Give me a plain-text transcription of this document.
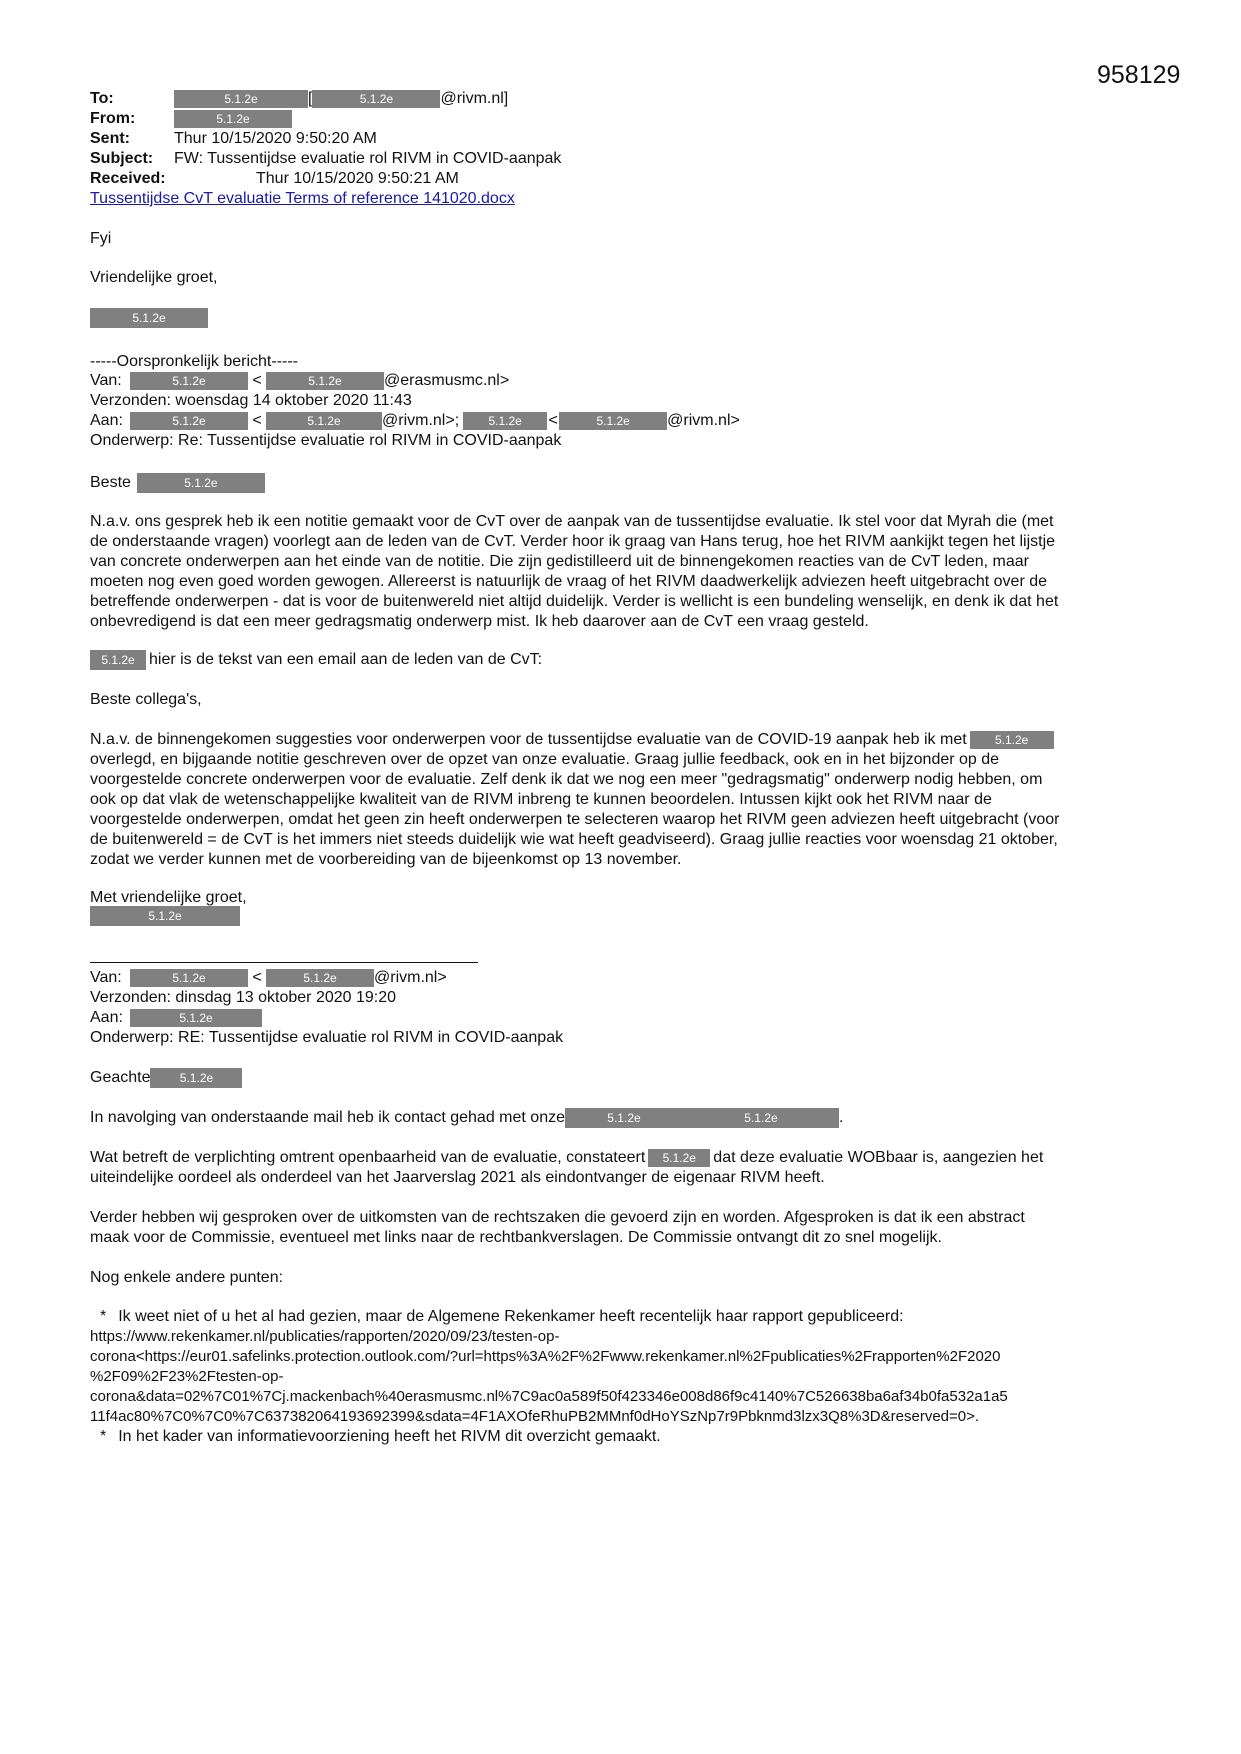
958129
To:	5.1.2e	[	5.1.2e	@rivm.nl]
From:	5.1.2e
Sent:	Thur 10/15/2020 9:50:20 AM
Subject: FW: Tussentijdse evaluatie rol RIVM in COVID-aanpak
Received:	Thur 10/15/2020 9:50:21 AM
Tussentijdse CvT evaluatie Terms of reference 141020.docx
Fyi
Vriendelijke groet,
5.1.2e
-----Oorspronkelijk bericht-----
Van:	5.1.2e	<	5.1.2e	@erasmusmc.nl>
Verzonden: woensdag 14 oktober 2020 11:43
Aan:	5.1.2e	<	5.1.2e	@rivm.nl>; 5.1.2e <	5.1.2e @rivm.nl>
Onderwerp: Re: Tussentijdse evaluatie rol RIVM in COVID-aanpak
Beste	5.1.2e
N.a.v. ons gesprek heb ik een notitie gemaakt voor de CvT over de aanpak van de tussentijdse evaluatie. Ik stel voor dat Myrah die (met
de onderstaande vragen) voorlegt aan de leden van de CvT. Verder hoor ik graag van Hans terug, hoe het RIVM aankijkt tegen het lijstje
van concrete onderwerpen aan het einde van de notitie. Die zijn gedistilleerd uit de binnengekomen reacties van de CvT leden, maar
moeten nog even goed worden gewogen. Allereerst is natuurlijk de vraag of het RIVM daadwerkelijk adviezen heeft uitgebracht over de
betreffende onderwerpen - dat is voor de buitenwereld niet altijd duidelijk. Verder is wellicht is een bundeling wenselijk, en denk ik dat het
onbevredigend is dat een meer gedragsmatig onderwerp mist. Ik heb daarover aan de CvT een vraag gesteld.
5.1.2e hier is de tekst van een email aan de leden van de CvT:
Beste collega's,
N.a.v. de binnengekomen suggesties voor onderwerpen voor de tussentijdse evaluatie van de COVID-19 aanpak heb ik met 5.1.2e
overlegd, en bijgaande notitie geschreven over de opzet van onze evaluatie. Graag jullie feedback, ook en in het bijzonder op de
voorgestelde concrete onderwerpen voor de evaluatie. Zelf denk ik dat we nog een meer "gedragsmatig" onderwerp nodig hebben, om
ook op dat vlak de wetenschappelijke kwaliteit van de RIVM inbreng te kunnen beoordelen. Intussen kijkt ook het RIVM naar de
voorgestelde onderwerpen, omdat het geen zin heeft onderwerpen te selecteren waarop het RIVM geen adviezen heeft uitgebracht (voor
de buitenwereld = de CvT is het immers niet steeds duidelijk wie wat heeft geadviseerd). Graag jullie reacties voor woensdag 21 oktober,
zodat we verder kunnen met de voorbereiding van de bijeenkomst op 13 november.
Met vriendelijke groet,
5.1.2e
Van:	5.1.2e	<	5.1.2e @rivm.nl>
Verzonden: dinsdag 13 oktober 2020 19:20
Aan:	5.1.2e
Onderwerp: RE: Tussentijdse evaluatie rol RIVM in COVID-aanpak
Geachte 5.1.2e
In navolging van onderstaande mail heb ik contact gehad met onze	5.1.2e	5.1.2e	.
Wat betreft de verplichting omtrent openbaarheid van de evaluatie, constateert 5.1.2e dat deze evaluatie WOBbaar is, aangezien het
uiteindelijke oordeel als onderdeel van het Jaarverslag 2021 als eindontvanger de eigenaar RIVM heeft.
Verder hebben wij gesproken over de uitkomsten van de rechtszaken die gevoerd zijn en worden. Afgesproken is dat ik een abstract
maak voor de Commissie, eventueel met links naar de rechtbankverslagen. De Commissie ontvangt dit zo snel mogelijk.
Nog enkele andere punten:
* Ik weet niet of u het al had gezien, maar de Algemene Rekenkamer heeft recentelijk haar rapport gepubliceerd:
https://www.rekenkamer.nl/publicaties/rapporten/2020/09/23/testen-op-
corona<https://eur01.safelinks.protection.outlook.com/?url=https%3A%2F%2Fwww.rekenkamer.nl%2Fpublicaties%2Frapporten%2F2020
%2F09%2F23%2Ftesten-op-
corona&data=02%7C01%7Cj.mackenbach%40erasmusmc.nl%7C9ac0a589f50f423346e008d86f9c4140%7C526638ba6af34b0fa532a1a5
11f4ac80%7C0%7C0%7C637382064193692399&sdata=4F1AXOfeRhuPB2MMnf0dHoYSzNp7r9Pbknmd3lzx3Q8%3D&reserved=0>.
* In het kader van informatievoorziening heeft het RIVM dit overzicht gemaakt.
